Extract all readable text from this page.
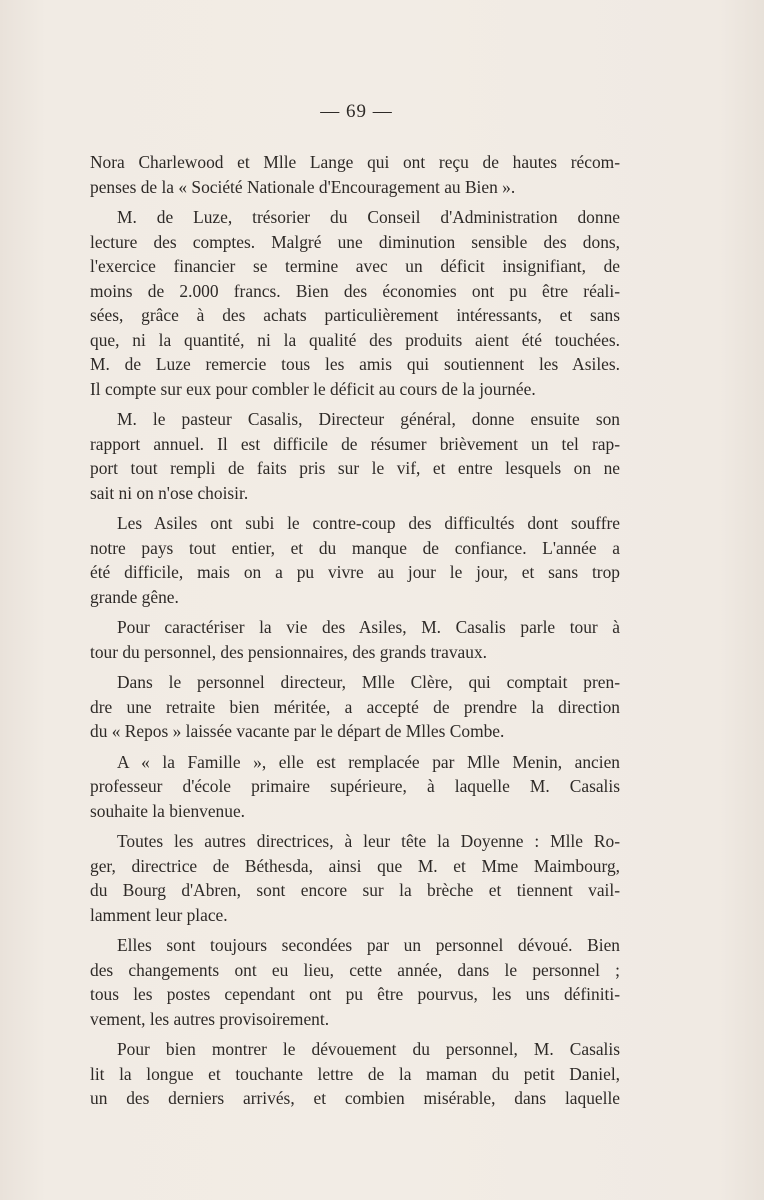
— 69 —

Nora Charlewood et Mlle Lange qui ont reçu de hautes récom-
penses de la « Société Nationale d'Encouragement au Bien ».

M. de Luze, trésorier du Conseil d'Administration donne
lecture des comptes. Malgré une diminution sensible des dons,
l'exercice financier se termine avec un déficit insignifiant, de
moins de 2.000 francs. Bien des économies ont pu être réali-
sées, grâce à des achats particulièrement intéressants, et sans
que, ni la quantité, ni la qualité des produits aient été touchées.
M. de Luze remercie tous les amis qui soutiennent les Asiles.
Il compte sur eux pour combler le déficit au cours de la journée.

M. le pasteur Casalis, Directeur général, donne ensuite son
rapport annuel. Il est difficile de résumer brièvement un tel rap-
port tout rempli de faits pris sur le vif, et entre lesquels on ne
sait ni on n'ose choisir.

Les Asiles ont subi le contre-coup des difficultés dont souffre
notre pays tout entier, et du manque de confiance. L'année a
été difficile, mais on a pu vivre au jour le jour, et sans trop
grande gêne.

Pour caractériser la vie des Asiles, M. Casalis parle tour à
tour du personnel, des pensionnaires, des grands travaux.

Dans le personnel directeur, Mlle Clère, qui comptait pren-
dre une retraite bien méritée, a accepté de prendre la direction
du « Repos » laissée vacante par le départ de Mlles Combe.

A « la Famille », elle est remplacée par Mlle Menin, ancien
professeur d'école primaire supérieure, à laquelle M. Casalis
souhaite la bienvenue.

Toutes les autres directrices, à leur tête la Doyenne : Mlle Ro-
ger, directrice de Béthesda, ainsi que M. et Mme Maimbourg,
du Bourg d'Abren, sont encore sur la brèche et tiennent vail-
lamment leur place.

Elles sont toujours secondées par un personnel dévoué. Bien
des changements ont eu lieu, cette année, dans le personnel ;
tous les postes cependant ont pu être pourvus, les uns définiti-
vement, les autres provisoirement.

Pour bien montrer le dévouement du personnel, M. Casalis
lit la longue et touchante lettre de la maman du petit Daniel,
un des derniers arrivés, et combien misérable, dans laquelle
